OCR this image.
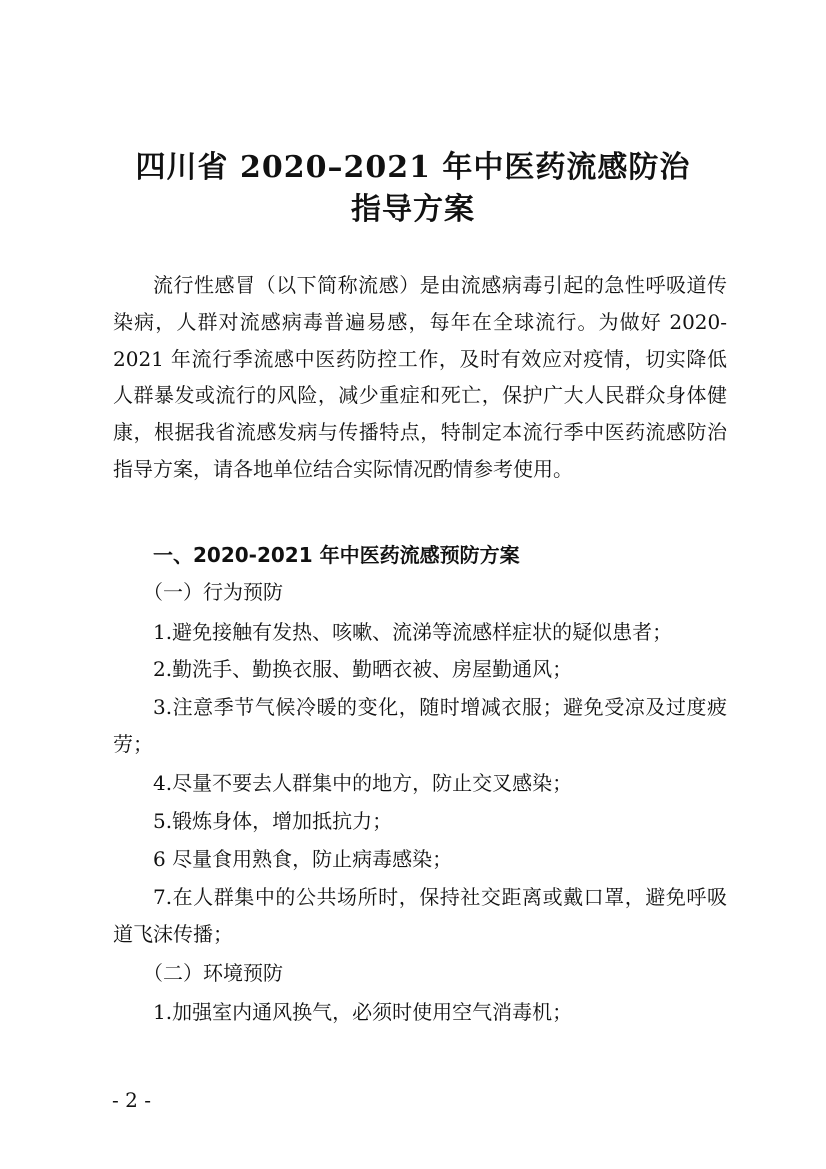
四川省 2020–2021 年中医药流感防治
指导方案
流行性感冒（以下简称流感）是由流感病毒引起的急性呼吸道传染病，人群对流感病毒普遍易感，每年在全球流行。为做好 2020-2021 年流行季流感中医药防控工作，及时有效应对疫情，切实降低人群暴发或流行的风险，减少重症和死亡，保护广大人民群众身体健康，根据我省流感发病与传播特点，特制定本流行季中医药流感防治指导方案，请各地单位结合实际情况酌情参考使用。
一、2020-2021 年中医药流感预防方案
（一）行为预防
1.避免接触有发热、咳嗽、流涕等流感样症状的疑似患者；
2.勤洗手、勤换衣服、勤晒衣被、房屋勤通风；
3.注意季节气候冷暖的变化，随时增减衣服；避免受凉及过度疲劳；
4.尽量不要去人群集中的地方，防止交叉感染；
5.锻炼身体，增加抵抗力；
6 尽量食用熟食，防止病毒感染；
7.在人群集中的公共场所时，保持社交距离或戴口罩，避免呼吸道飞沫传播；
（二）环境预防
1.加强室内通风换气，必须时使用空气消毒机；
- 2 -
